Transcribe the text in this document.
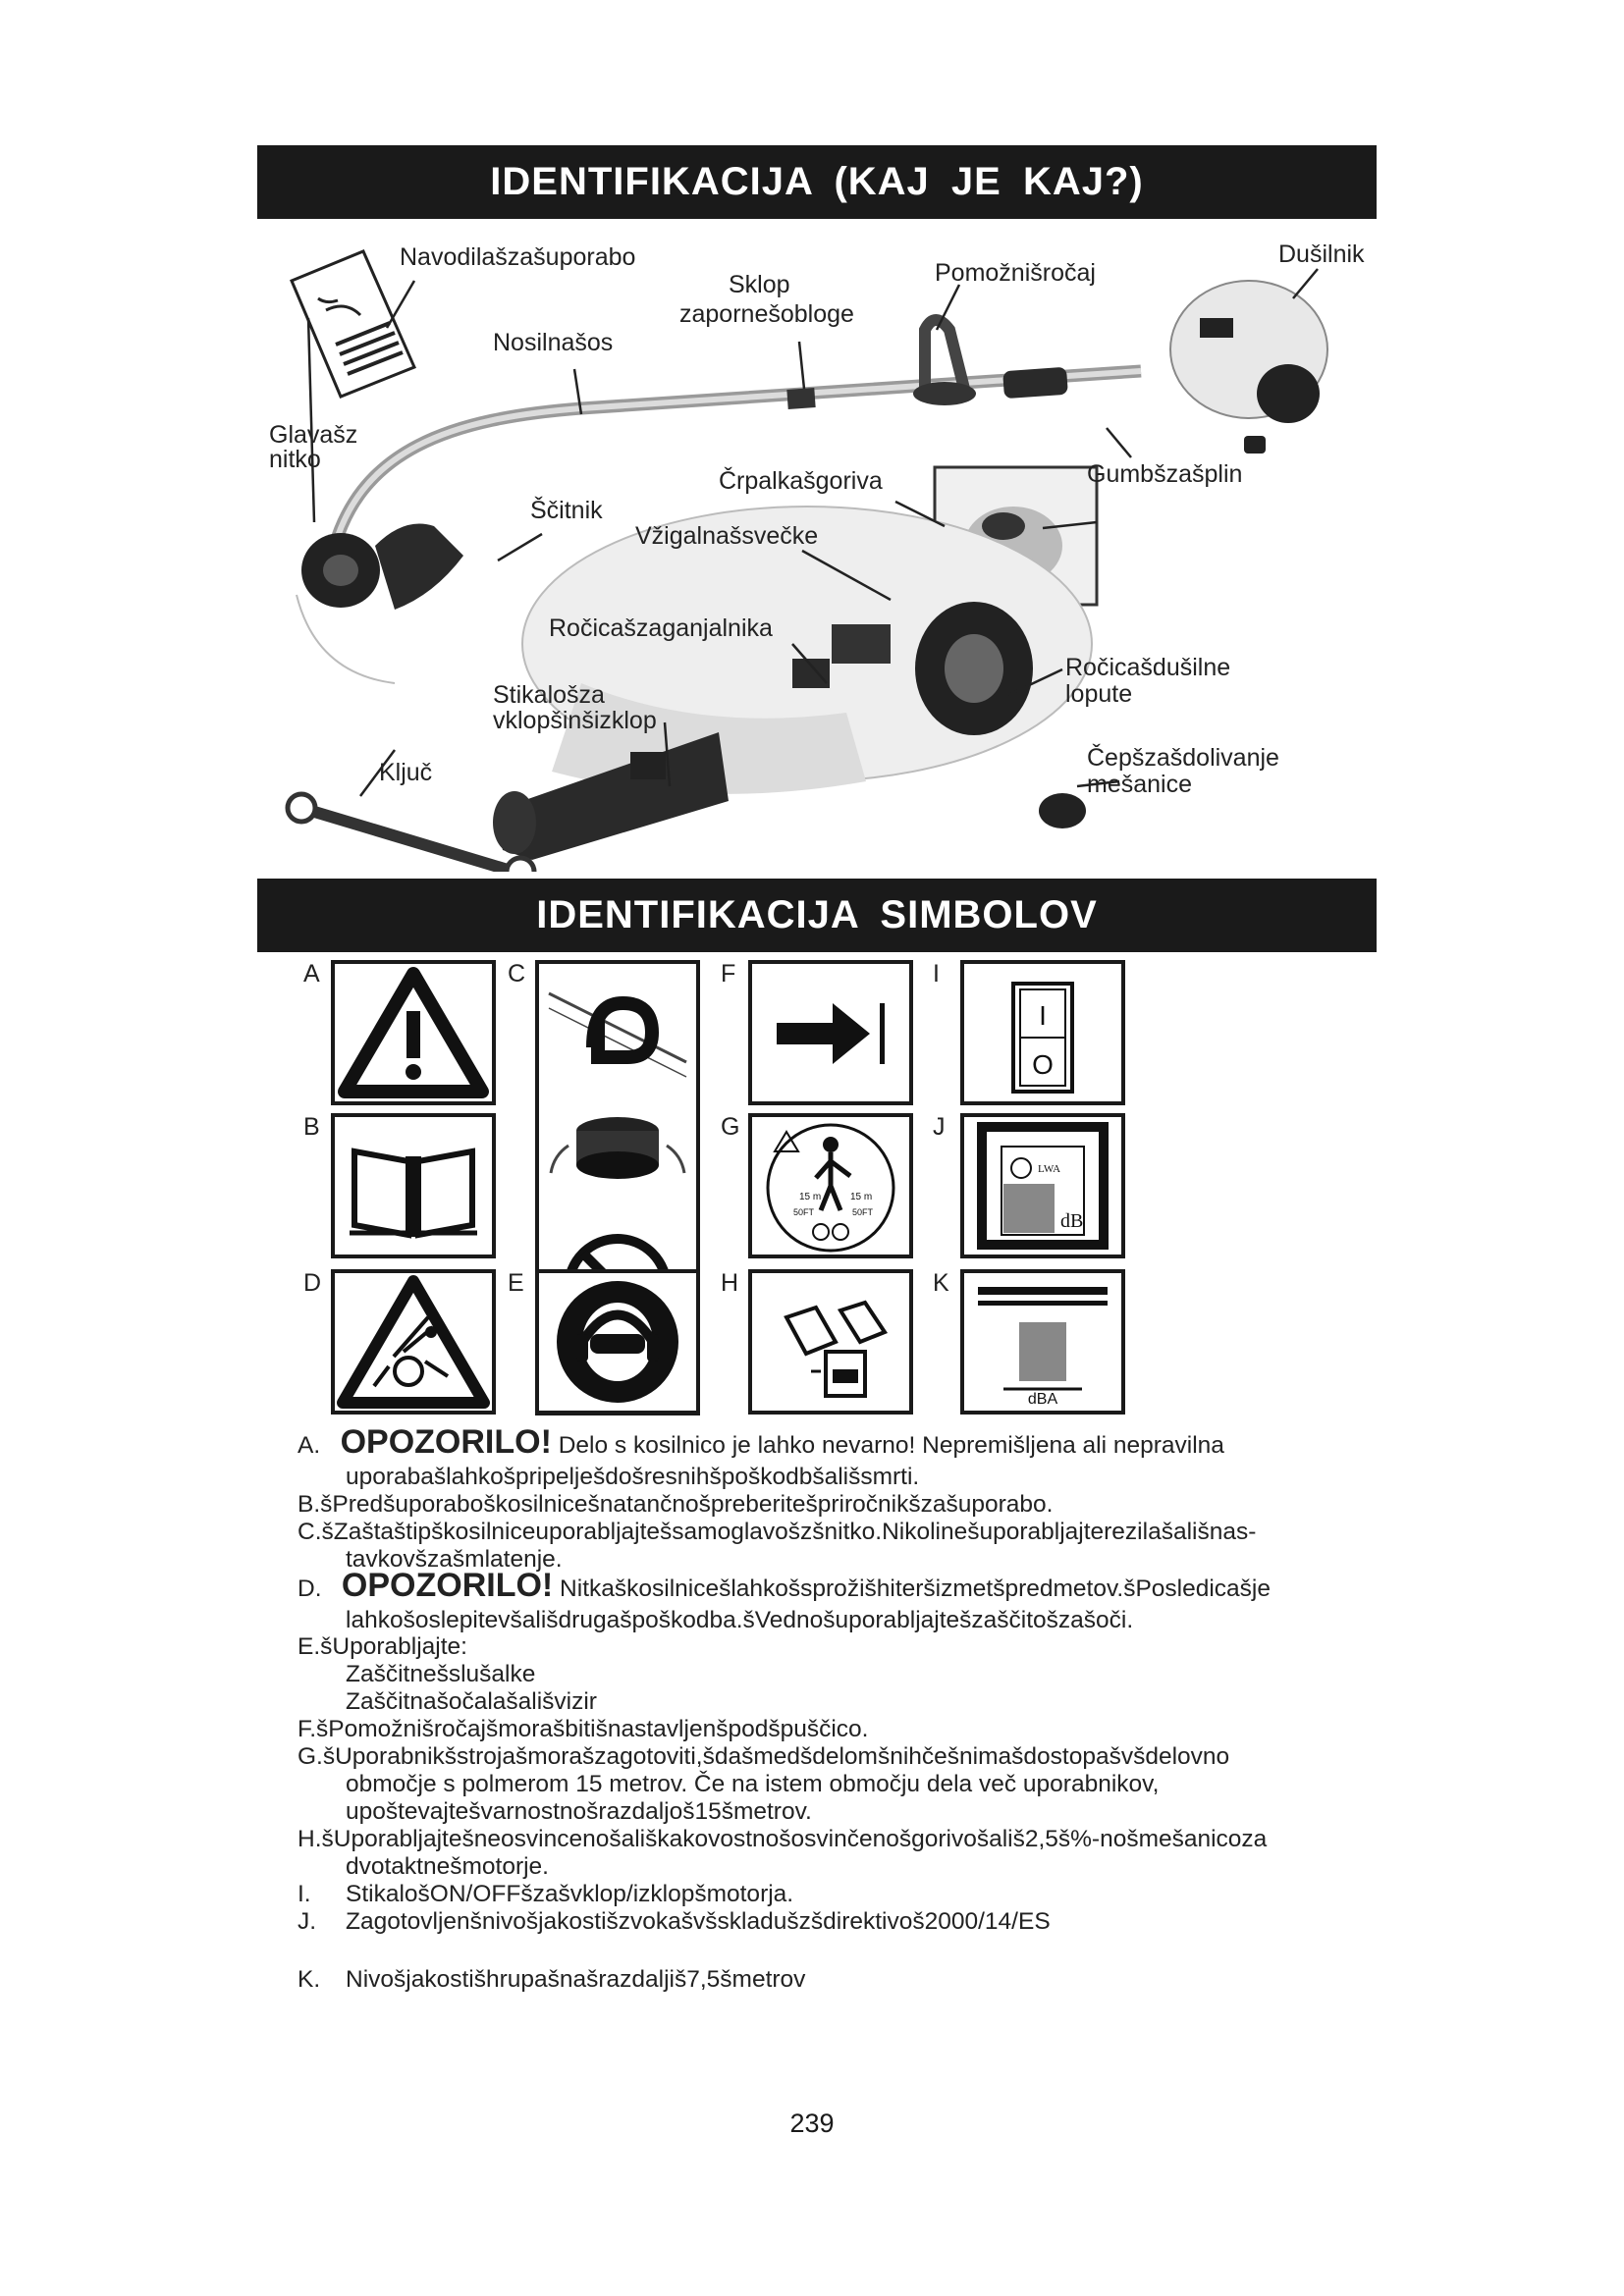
IDENTIFIKACIJA (KAJ JE KAJ?)
Navodilašzašuporabo
Sklop
zapornešobloge
Pomožnišročaj
Dušilnik
Nosilnašos
Glavašz
nitko
Črpalkašgoriva	Gumbšzašplin
Ščitnik
Vžigalnašsvečke
Ročicašzaganjalnika
Ročicašdušilne
lopute
Stikalošza
vklopšinšizklop
Ključ
Čepšzašdolivanje
mešanice
IDENTIFIKACIJA SIMBOLOV
A	C	F	I
B	G	J
D	E	H	K
I
O
15 m	15 m
50FT	50FT
LWA
dB
dBA
A. OPOZORILO! Delo s kosilnico je lahko nevarno! Nepremišljena ali nepravilna
uporabašlahkošpripelješdošresnihšpoškodbšališsmrti.
B.šPredšuporaboškosilnicešnatančnošpreberitešpriročnikšzašuporabo.
C.šZaštaštipškosilniceuporabljajtešsamoglavošzšnitko.Nikolinešuporabljajterezilašališnas-
tavkovšzašmlatenje.
D. OPOZORILO! Nitkaškosilnicešlahkošsprožišhiteršizmetšpredmetov.šPosledicašje
lahkošoslepitevšališdrugašpoškodba.šVednošuporabljajtešzaščitošzašoči.
E.šUporabljajte:
Zaščitnešslušalke
Zaščitnašočalašališvizir
F.šPomožnišročajšmorašbitišnastavljenšpodšpuščico.
G.šUporabnikšstrojašmorašzagotoviti,šdašmedšdelomšnihčešnimašdostopašvšdelovno
območje s polmerom 15 metrov. Če na istem območju dela več uporabnikov,
upoštevajtešvarnostnošrazdaljoš15šmetrov.
H.šUporabljajtešneosvincenošališkakovostnošosvinčenošgorivošališ2,5š%-nošmešanicoza
dvotaktnešmotorje.
I. StikalošON/OFFšzašvklop/izklopšmotorja.
J. Zagotovljenšnivošjakostišzvokašvšskladušzšdirektivoš2000/14/ES
K. Nivošjakostišhrupašnašrazdaljiš7,5šmetrov
239
